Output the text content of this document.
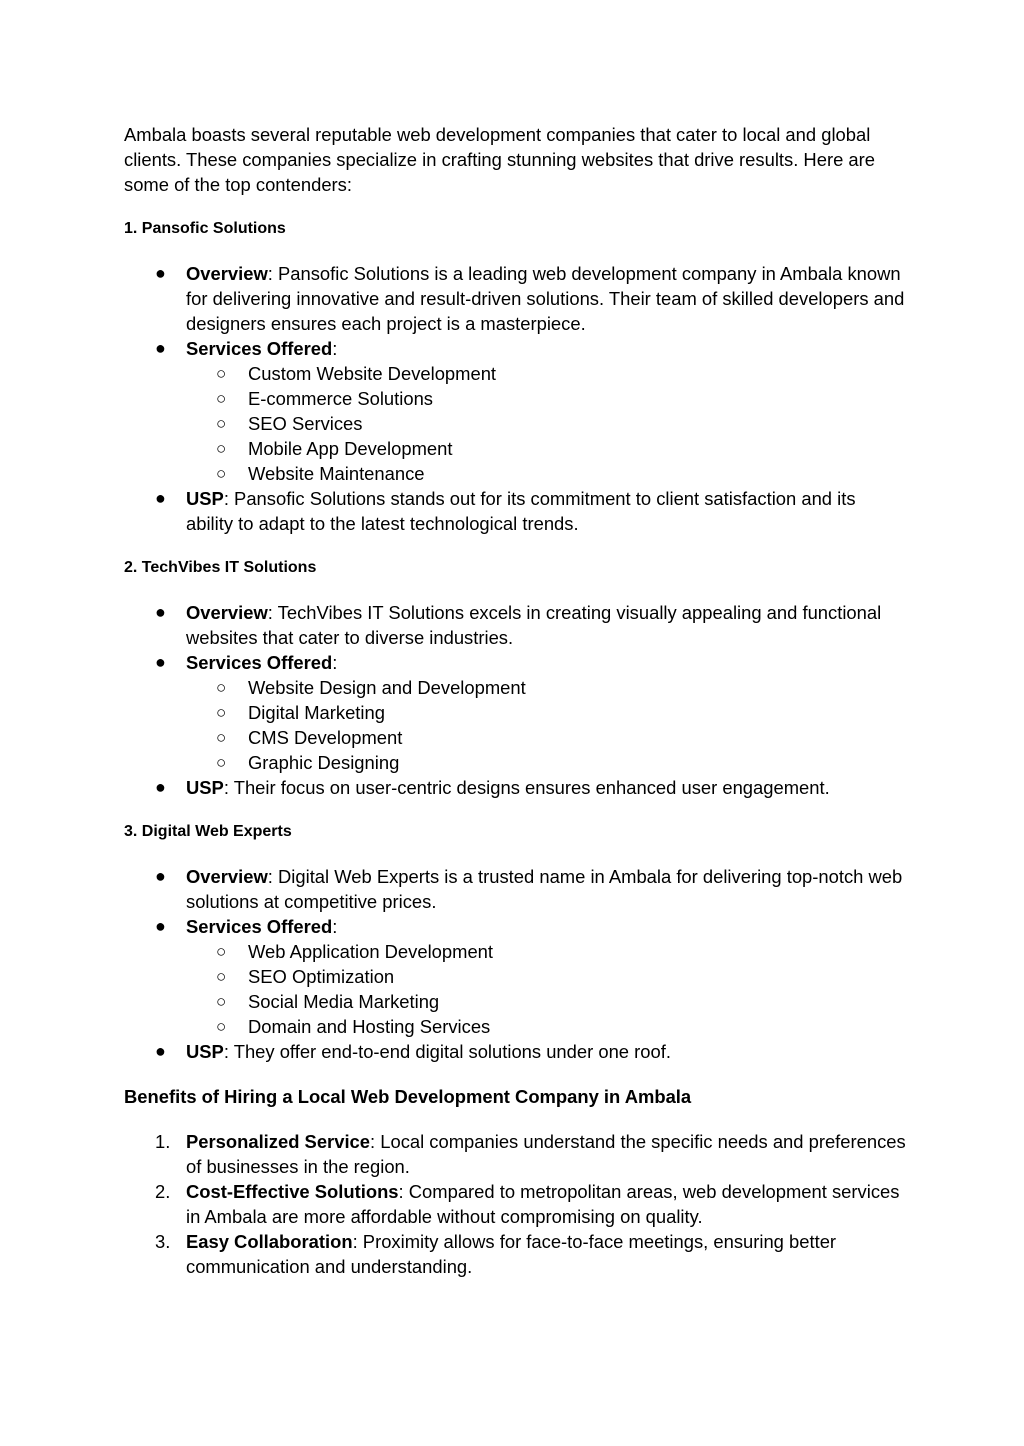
Ambala boasts several reputable web development companies that cater to local and global clients. These companies specialize in crafting stunning websites that drive results. Here are some of the top contenders:

1. Pansofic Solutions
● Overview: Pansofic Solutions is a leading web development company in Ambala known for delivering innovative and result-driven solutions. Their team of skilled developers and designers ensures each project is a masterpiece.
● Services Offered:
○ Custom Website Development
○ E-commerce Solutions
○ SEO Services
○ Mobile App Development
○ Website Maintenance
● USP: Pansofic Solutions stands out for its commitment to client satisfaction and its ability to adapt to the latest technological trends.
2. TechVibes IT Solutions
● Overview: TechVibes IT Solutions excels in creating visually appealing and functional websites that cater to diverse industries.
● Services Offered:
○ Website Design and Development
○ Digital Marketing
○ CMS Development
○ Graphic Designing
● USP: Their focus on user-centric designs ensures enhanced user engagement.
3. Digital Web Experts
● Overview: Digital Web Experts is a trusted name in Ambala for delivering top-notch web solutions at competitive prices.
● Services Offered:
○ Web Application Development
○ SEO Optimization
○ Social Media Marketing
○ Domain and Hosting Services
● USP: They offer end-to-end digital solutions under one roof.
Benefits of Hiring a Local Web Development Company in Ambala
1. Personalized Service: Local companies understand the specific needs and preferences of businesses in the region.
2. Cost-Effective Solutions: Compared to metropolitan areas, web development services in Ambala are more affordable without compromising on quality.
3. Easy Collaboration: Proximity allows for face-to-face meetings, ensuring better communication and understanding.
